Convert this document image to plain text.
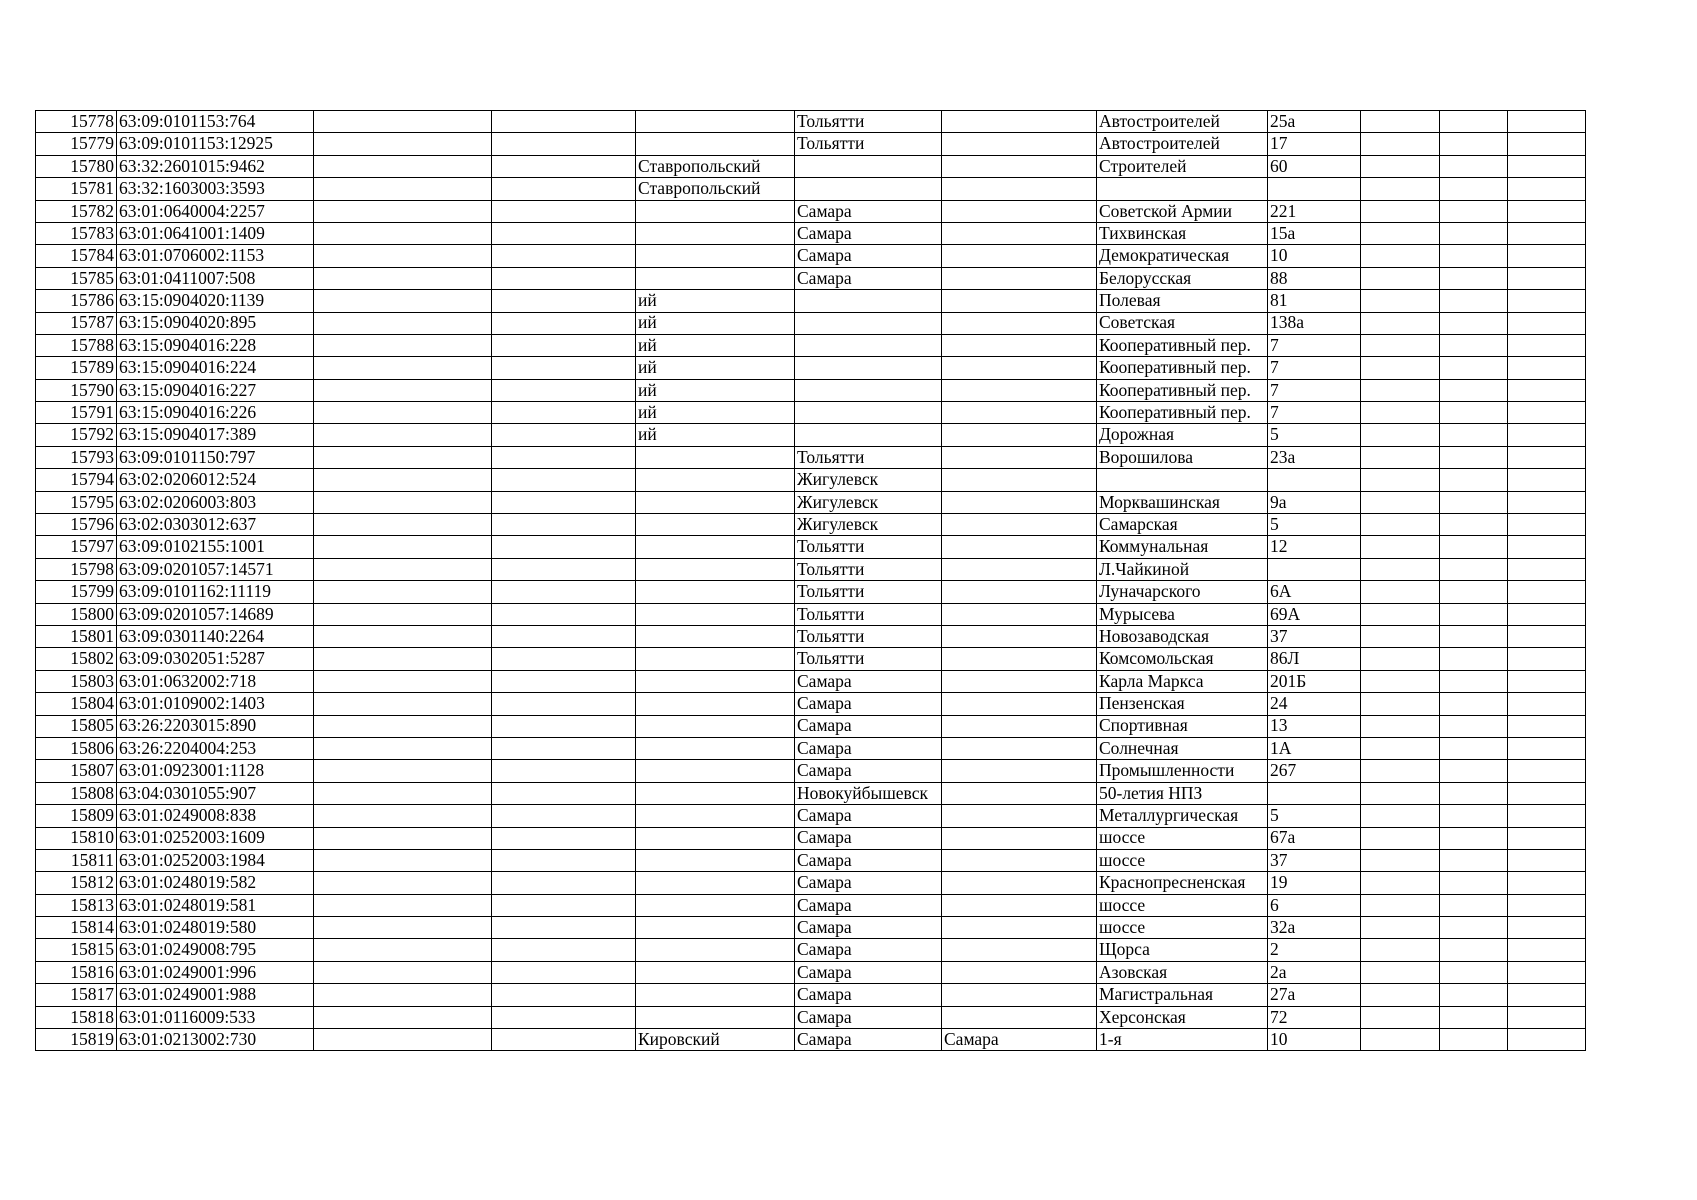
15778	63:09:0101153:764				Тольятти		Автостроителей	25а			
15779	63:09:0101153:12925				Тольятти		Автостроителей	17			
15780	63:32:2601015:9462			Ставропольский			Строителей	60			
15781	63:32:1603003:3593			Ставропольский							
15782	63:01:0640004:2257				Самара		Советской Армии	221			
15783	63:01:0641001:1409				Самара		Тихвинская	15а			
15784	63:01:0706002:1153				Самара		Демократическая	10			
15785	63:01:0411007:508				Самара		Белорусская	88			
15786	63:15:0904020:1139			ий			Полевая	81			
15787	63:15:0904020:895			ий			Советская	138а			
15788	63:15:0904016:228			ий			Кооперативный пер.	7			
15789	63:15:0904016:224			ий			Кооперативный пер.	7			
15790	63:15:0904016:227			ий			Кооперативный пер.	7			
15791	63:15:0904016:226			ий			Кооперативный пер.	7			
15792	63:15:0904017:389			ий			Дорожная	5			
15793	63:09:0101150:797				Тольятти		Ворошилова	23а			
15794	63:02:0206012:524				Жигулевск						
15795	63:02:0206003:803				Жигулевск		Морквашинская	9а			
15796	63:02:0303012:637				Жигулевск		Самарская	5			
15797	63:09:0102155:1001				Тольятти		Коммунальная	12			
15798	63:09:0201057:14571				Тольятти		Л.Чайкиной				
15799	63:09:0101162:11119				Тольятти		Луначарского	6А			
15800	63:09:0201057:14689				Тольятти		Мурысева	69А			
15801	63:09:0301140:2264				Тольятти		Новозаводская	37			
15802	63:09:0302051:5287				Тольятти		Комсомольская	86Л			
15803	63:01:0632002:718				Самара		Карла Маркса	201Б			
15804	63:01:0109002:1403				Самара		Пензенская	24			
15805	63:26:2203015:890				Самара		Спортивная	13			
15806	63:26:2204004:253				Самара		Солнечная	1А			
15807	63:01:0923001:1128				Самара		Промышленности	267			
15808	63:04:0301055:907				Новокуйбышевск		50-летия НПЗ				
15809	63:01:0249008:838				Самара		Металлургическая	5			
15810	63:01:0252003:1609				Самара		шоссе	67а			
15811	63:01:0252003:1984				Самара		шоссе	37			
15812	63:01:0248019:582				Самара		Краснопресненская	19			
15813	63:01:0248019:581				Самара		шоссе	6			
15814	63:01:0248019:580				Самара		шоссе	32а			
15815	63:01:0249008:795				Самара		Щорса	2			
15816	63:01:0249001:996				Самара		Азовская	2а			
15817	63:01:0249001:988				Самара		Магистральная	27а			
15818	63:01:0116009:533				Самара		Херсонская	72			
15819	63:01:0213002:730			Кировский	Самара	Самара	1-я	10			
